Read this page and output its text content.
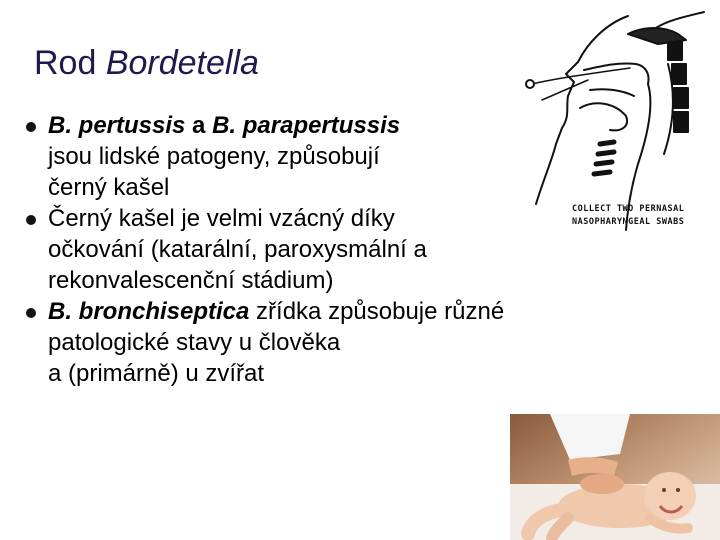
Rod Bordetella
B. pertussis a B. parapertussis
jsou lidské patogeny, způsobují
černý kašel
Černý kašel je velmi vzácný díky
očkování (katarální, paroxysmální a
rekonvalescenční stádium)
B. bronchiseptica zřídka způsobuje různé
patologické stavy u člověka
a (primárně) u zvířat
COLLECT TWO PERNASAL
NASOPHARYNGEAL SWABS
